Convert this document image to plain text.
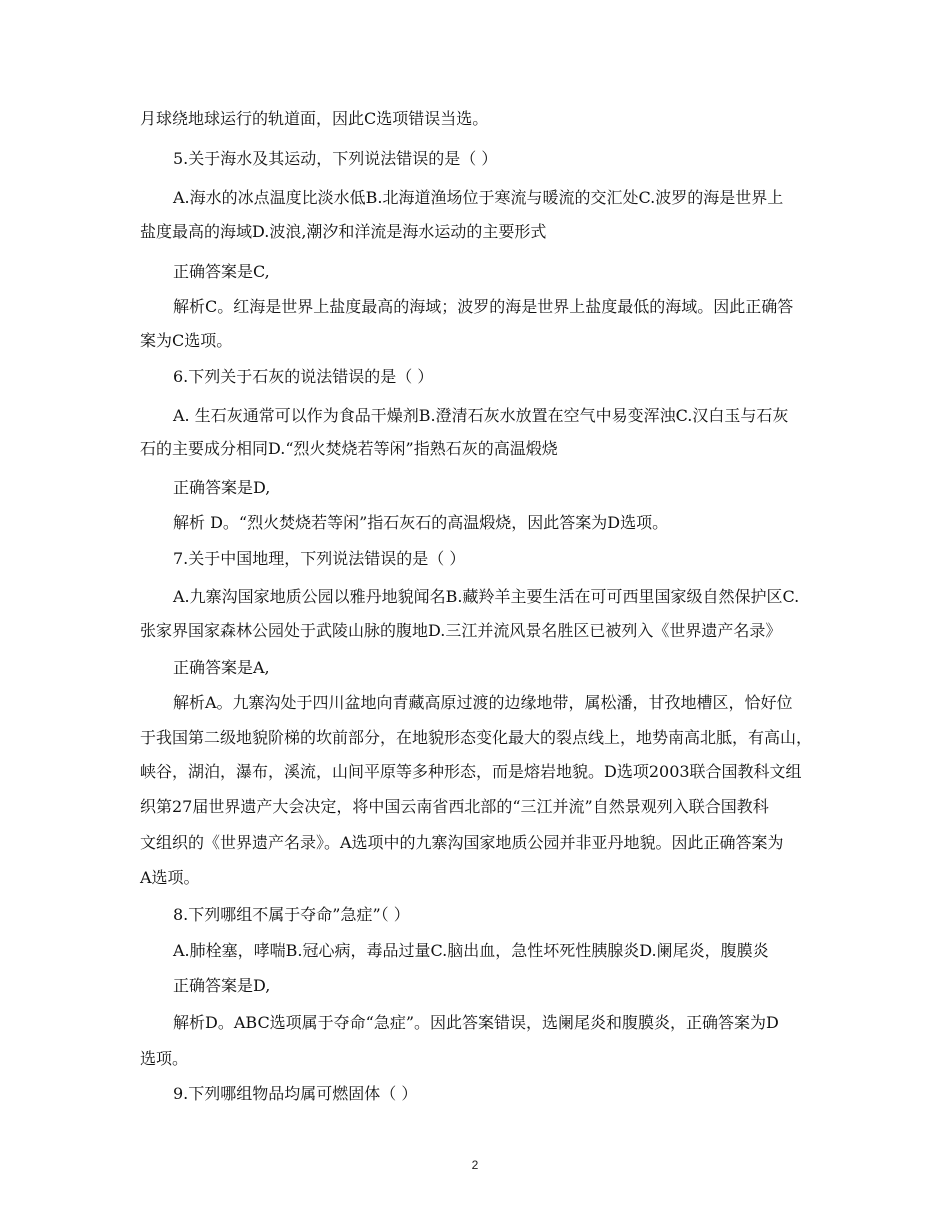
月球绕地球运行的轨道面，因此C选项错误当选。
5.关于海水及其运动，下列说法错误的是（ ）
A.海水的冰点温度比淡水低B.北海道渔场位于寒流与暖流的交汇处C.波罗的海是世界上
盐度最高的海域D.波浪,潮汐和洋流是海水运动的主要形式
正确答案是C,
解析C。红海是世界上盐度最高的海域；波罗的海是世界上盐度最低的海域。因此正确答
案为C选项。
6.下列关于石灰的说法错误的是（ ）
A. 生石灰通常可以作为食品干燥剂B.澄清石灰水放置在空气中易变浑浊C.汉白玉与石灰
石的主要成分相同D.“烈火焚烧若等闲”指熟石灰的高温煅烧
正确答案是D,
解析 D。“烈火焚烧若等闲”指石灰石的高温煅烧，因此答案为D选项。
7.关于中国地理，下列说法错误的是（ ）
A.九寨沟国家地质公园以雅丹地貌闻名B.藏羚羊主要生活在可可西里国家级自然保护区C.
张家界国家森林公园处于武陵山脉的腹地D.三江并流风景名胜区已被列入《世界遗产名录》
正确答案是A,
解析A。九寨沟处于四川盆地向青藏高原过渡的边缘地带，属松潘，甘孜地槽区，恰好位
于我国第二级地貌阶梯的坎前部分，在地貌形态变化最大的裂点线上，地势南高北胝，有高山，
峡谷，湖泊，瀑布，溪流，山间平原等多种形态，而是熔岩地貌。D选项2003联合国教科文组
织第27届世界遗产大会决定，将中国云南省西北部的“三江并流”自然景观列入联合国教科
文组织的《世界遗产名录》。A选项中的九寨沟国家地质公园并非亚丹地貌。因此正确答案为
A选项。
8.下列哪组不属于夺命”急症”（ ）
A.肺栓塞，哮喘B.冠心病，毒品过量C.脑出血，急性坏死性胰腺炎D.阑尾炎，腹膜炎
正确答案是D,
解析D。ABC选项属于夺命“急症”。因此答案错误，选阑尾炎和腹膜炎，正确答案为D
选项。
9.下列哪组物品均属可燃固体（ ）
2
